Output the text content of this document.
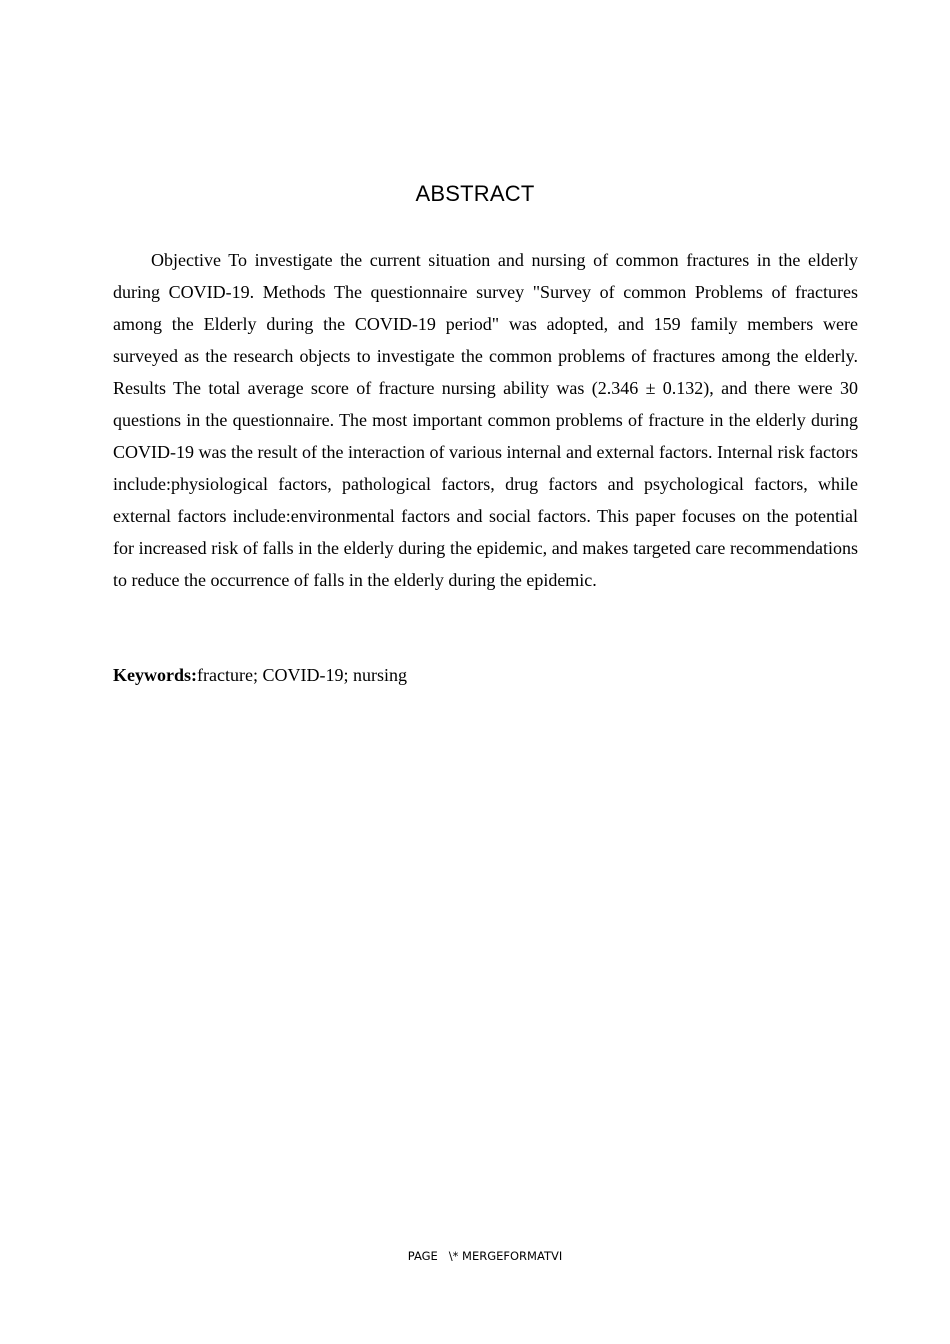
ABSTRACT

Objective To investigate the current situation and nursing of common fractures in the elderly during COVID-19. Methods The questionnaire survey "Survey of common Problems of fractures among the Elderly during the COVID-19 period" was adopted, and 159 family members were surveyed as the research objects to investigate the common problems of fractures among the elderly. Results The total average score of fracture nursing ability was (2.346 ± 0.132), and there were 30 questions in the questionnaire. The most important common problems of fracture in the elderly during COVID-19 was the result of the interaction of various internal and external factors. Internal risk factors include:physiological factors, pathological factors, drug factors and psychological factors, while external factors include:environmental factors and social factors. This paper focuses on the potential for increased risk of falls in the elderly during the epidemic, and makes targeted care recommendations to reduce the occurrence of falls in the elderly during the epidemic.

Keywords:fracture; COVID-19; nursing

PAGE   \* MERGEFORMATVI
